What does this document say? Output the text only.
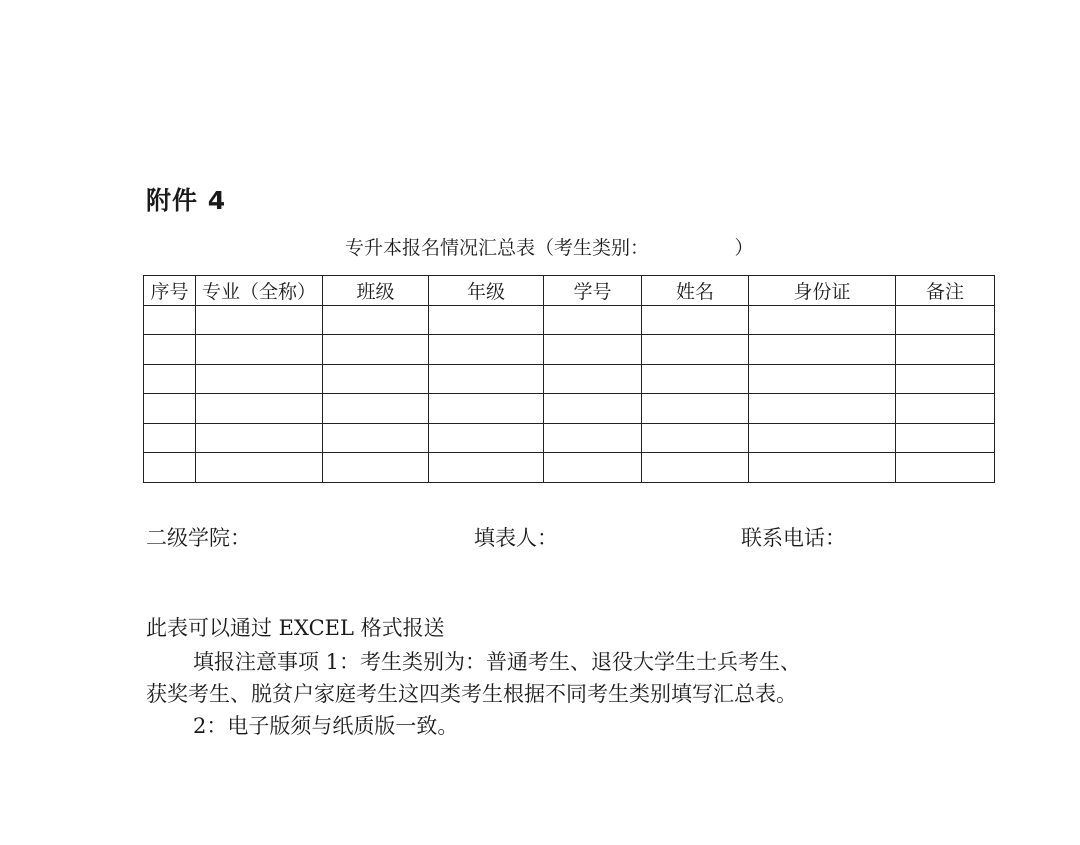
附件 4
专升本报名情况汇总表（考生类别：　　　　　）
序号	专业（全称）	班级	年级	学号	姓名	身份证	备注

二级学院：	填表人：	联系电话：
此表可以通过 EXCEL 格式报送
填报注意事项 1：考生类别为：普通考生、退役大学生士兵考生、
获奖考生、脱贫户家庭考生这四类考生根据不同考生类别填写汇总表。
2：电子版须与纸质版一致。
